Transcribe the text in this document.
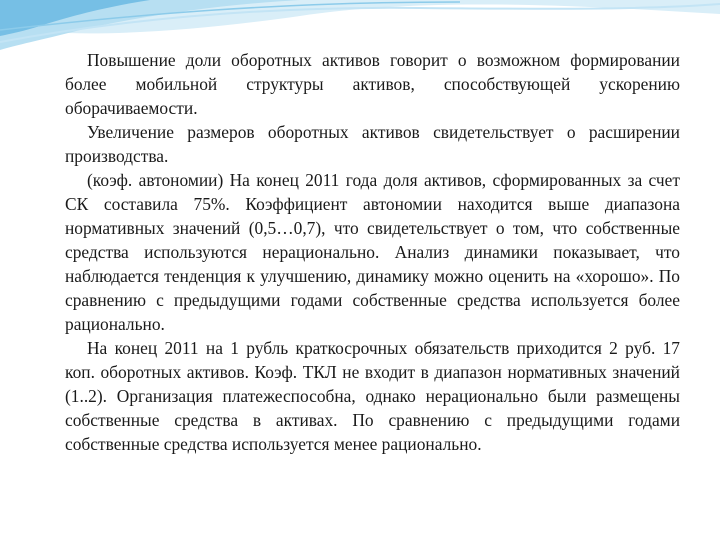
Повышение доли оборотных активов говорит о возможном формировании более мобильной структуры активов, способствующей ускорению оборачиваемости.

Увеличение размеров оборотных активов свидетельствует о расширении производства.

(коэф. автономии) На конец 2011 года доля активов, сформированных за счет СК составила 75%. Коэффициент автономии находится выше диапазона нормативных значений (0,5…0,7), что свидетельствует о том, что собственные средства используются нерационально. Анализ динамики показывает, что наблюдается тенденция к улучшению, динамику можно оценить на «хорошо». По сравнению с предыдущими годами собственные средства используется более рационально.

На конец 2011 на 1 рубль краткосрочных обязательств приходится 2 руб. 17 коп. оборотных активов. Коэф. ТКЛ не входит в диапазон нормативных значений (1..2). Организация платежеспособна, однако нерационально были размещены собственные средства в активах. По сравнению с предыдущими годами собственные средства используется менее рационально.
